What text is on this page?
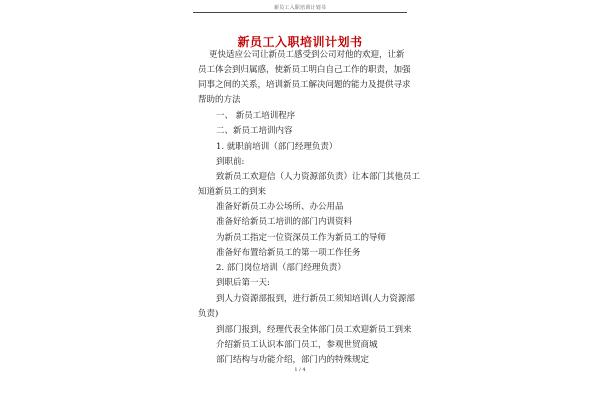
新员工入职培训计划书
新员工入职培训计划书
更快适应公司让新员工感受到公司对他的欢迎，让新
员工体会到归属感，使新员工明白自己工作的职责，加强
同事之间的关系，培训新员工解决问题的能力及提供寻求
帮助的方法
一、 新员工培训程序
二、新员工培训内容
1. 就职前培训（部门经理负责）
到职前:
致新员工欢迎信（人力资源部负责）让本部门其他员工
知道新员工的到来
准备好新员工办公场所、办公用品
准备好给新员工培训的部门内训资料
为新员工指定一位资深员工作为新员工的导师
准备好布置给新员工的第一项工作任务
2. 部门岗位培训（部门经理负责）
到职后第一天:
到人力资源部报到，进行新员工须知培训(人力资源部
负责)
到部门报到，经理代表全体部门员工欢迎新员工到来
介绍新员工认识本部门员工，参观世贸商城
部门结构与功能介绍，部门内的特殊规定
1 / 4
